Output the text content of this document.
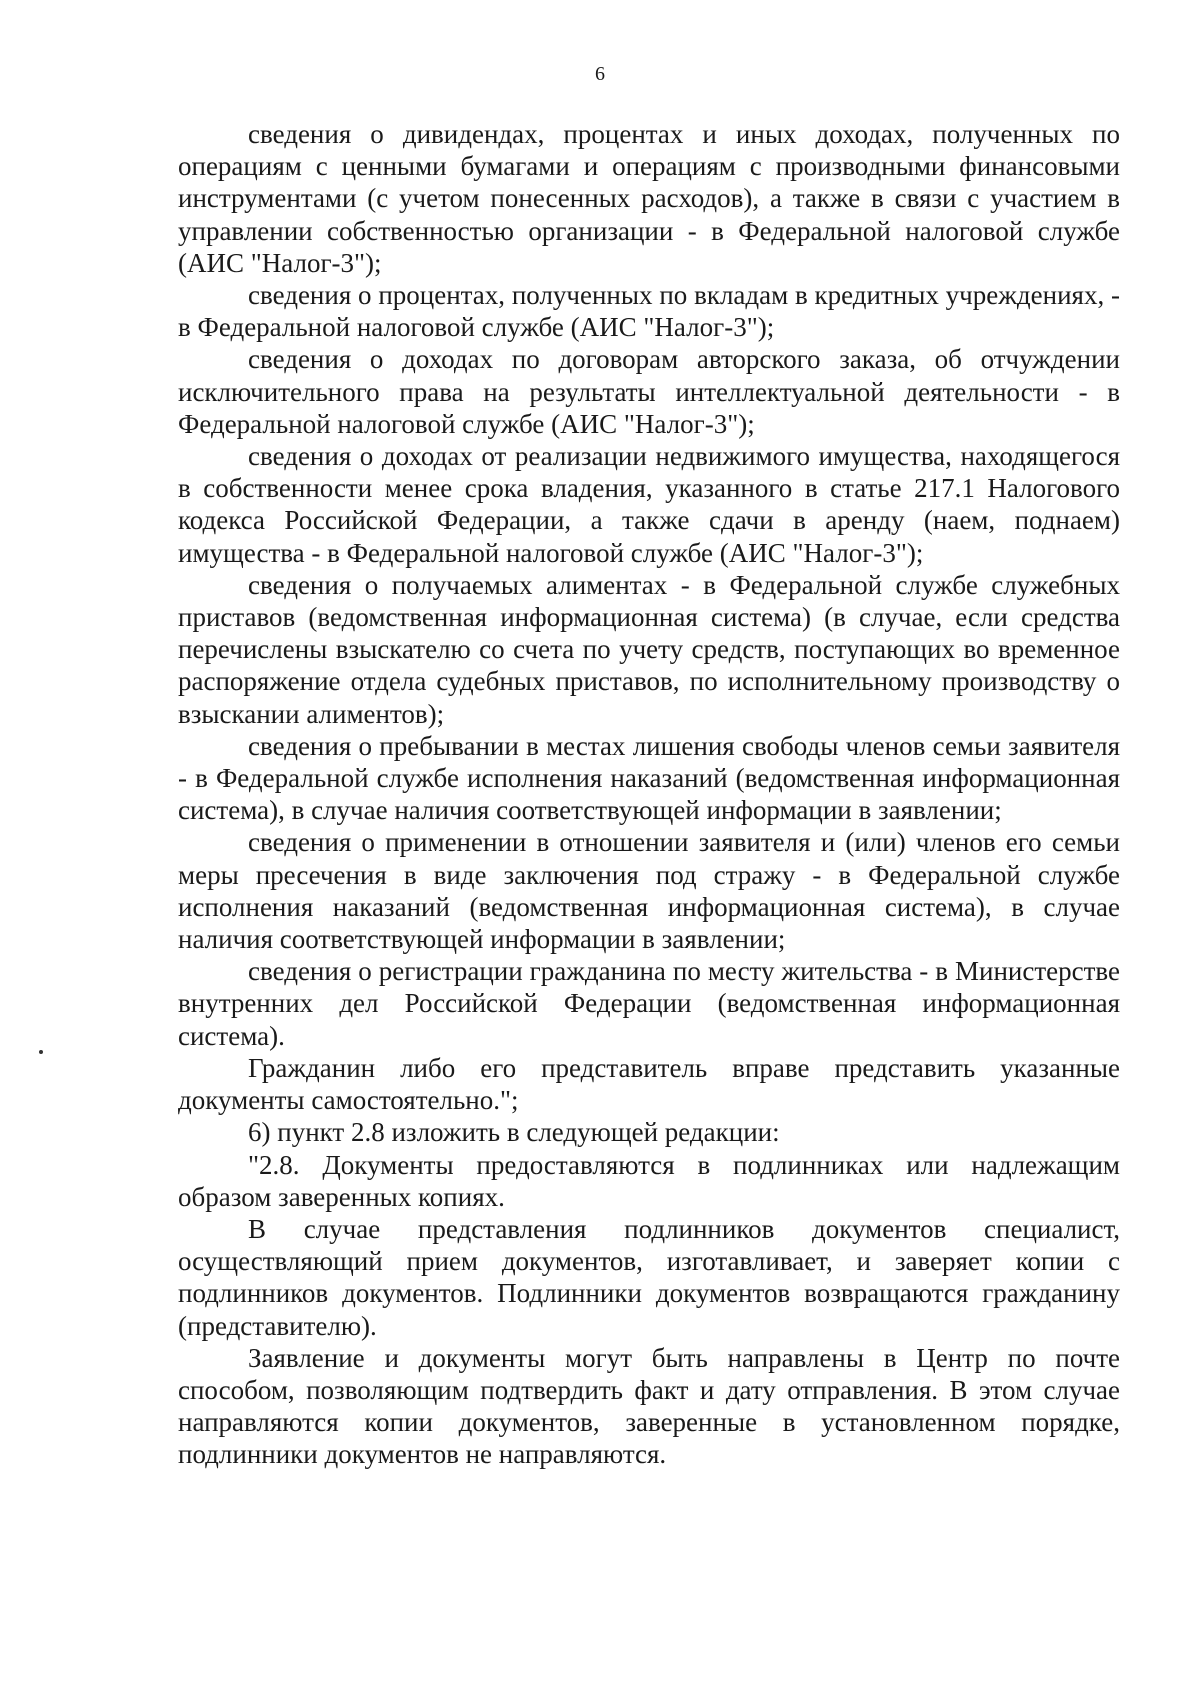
6

сведения о дивидендах, процентах и иных доходах, полученных по операциям с ценными бумагами и операциям с производными финансовыми инструментами (с учетом понесенных расходов), а также в связи с участием в управлении собственностью организации - в Федеральной налоговой службе (АИС "Налог-3");

сведения о процентах, полученных по вкладам в кредитных учреждениях, - в Федеральной налоговой службе (АИС "Налог-3");

сведения о доходах по договорам авторского заказа, об отчуждении исключительного права на результаты интеллектуальной деятельности - в Федеральной налоговой службе (АИС "Налог-3");

сведения о доходах от реализации недвижимого имущества, находящегося в собственности менее срока владения, указанного в статье 217.1 Налогового кодекса Российской Федерации, а также сдачи в аренду (наем, поднаем) имущества - в Федеральной налоговой службе (АИС "Налог-3");

сведения о получаемых алиментах - в Федеральной службе служебных приставов (ведомственная информационная система) (в случае, если средства перечислены взыскателю со счета по учету средств, поступающих во временное распоряжение отдела судебных приставов, по исполнительному производству о взыскании алиментов);

сведения о пребывании в местах лишения свободы членов семьи заявителя - в Федеральной службе исполнения наказаний (ведомственная информационная система), в случае наличия соответствующей информации в заявлении;

сведения о применении в отношении заявителя и (или) членов его семьи меры пресечения в виде заключения под стражу - в Федеральной службе исполнения наказаний (ведомственная информационная система), в случае наличия соответствующей информации в заявлении;

сведения о регистрации гражданина по месту жительства - в Министерстве внутренних дел Российской Федерации (ведомственная информационная система).

Гражданин либо его представитель вправе представить указанные документы самостоятельно.";

6) пункт 2.8 изложить в следующей редакции:

"2.8. Документы предоставляются в подлинниках или надлежащим образом заверенных копиях.

В случае представления подлинников документов специалист, осуществляющий прием документов, изготавливает, и заверяет копии с подлинников документов. Подлинники документов возвращаются гражданину (представителю).

Заявление и документы могут быть направлены в Центр по почте способом, позволяющим подтвердить факт и дату отправления. В этом случае направляются копии документов, заверенные в установленном порядке, подлинники документов не направляются.
